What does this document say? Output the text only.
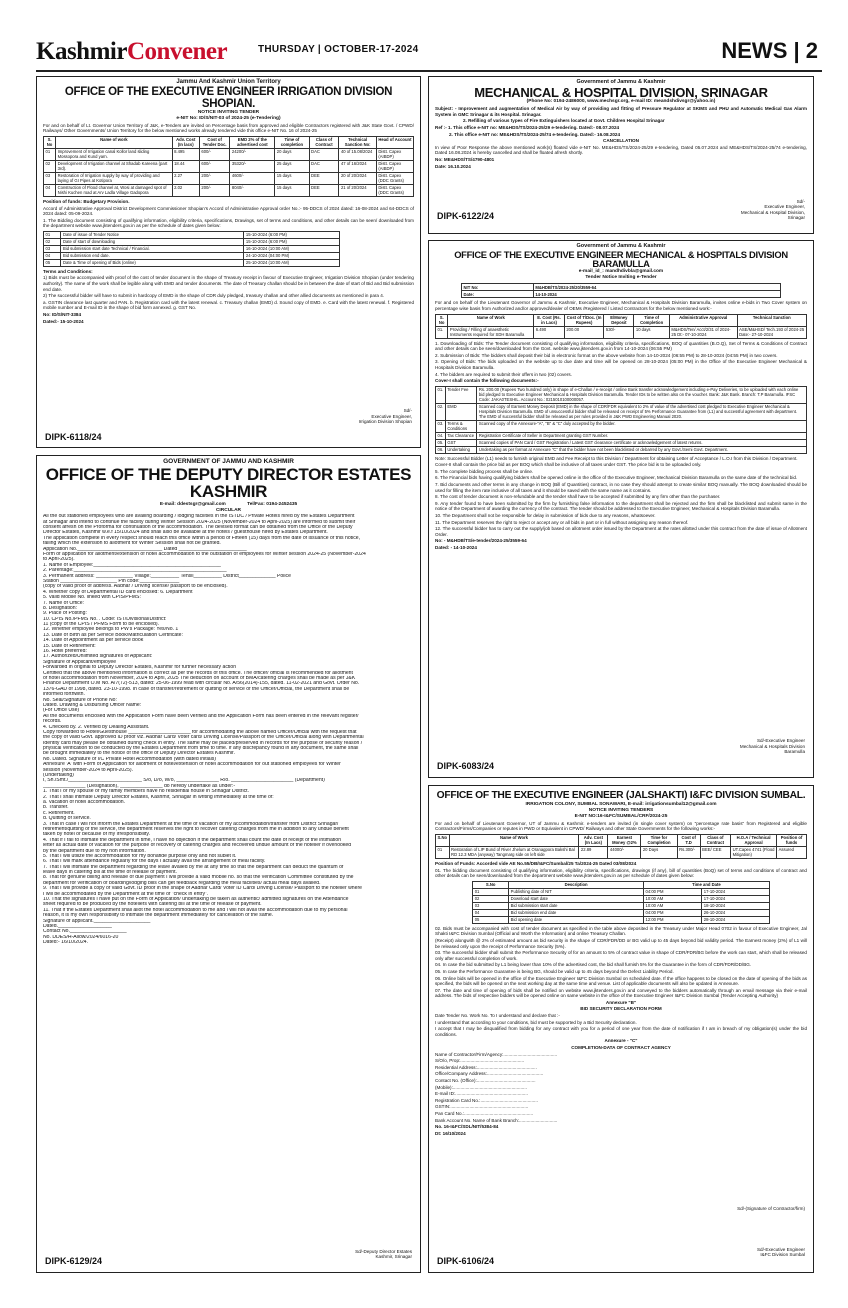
KashmirConvener	THURSDAY | OCTOBER-17-2024	NEWS | 2
Jammu And Kashmir Union Territory
OFFICE OF THE EXECUTIVE ENGINEER IRRIGATION DIVISION SHOPIAN.
NOTICE INVITING TENDER
e-NIT No: ID/S/NIT-03 of 2024-25 (e-Tendering)
For and on behalf of Lt. Governor Union Territory of J&K, e-Tenders are invited on Percentage basis from approved and eligible Contractors registered with J&K State Govt. / CPWD/ Railways/ Other Governments/ Union Territory for the below mentioned works already tendered vide this office e-NIT No. 16 of 2024-25
S. No	Name of work	Adv. Cost (In lacs)	Cost of Tender Doc.	EMD 2% of the advertised cost	Time of completion	Class of Contract	Technical Sanction No:	Head of Account
01	Improvement of Irrigation canal Kollor land sliding Mossopora and Kund yarn.	8.495	600/-	24200/-	20 days	DAC	40 of 15.08/2024	Distt. Capex (AIBDP)
02	Development of Irrigation channel at Shadab Kareena (part 3rd).	18.44	600/-	35320/-	25 days	DAC	47 of 16/2024	Distt. Capex (AIBDP)
03	Restoration of Irrigation supply by way of providing and laying of GI Pipes at Kotipora	2.27	200/-	4600/-	15 days	DEE	20 of 20/2024	Distt. Capex (DDC Grants)
04	Construction of Flood channel at, Wosi at damaged spot of Nishi Kuchen road at Arv Ladla Village Gadopora	2.02	200/-	8040/-	15 days	DEE	21 of 20/2024	Distt. Capex (DDC Grants)
Position of funds: Budgetary Provision.
Accord of Administrative Approval District Development Commissioner Shopian's Accord of Administrative Approval order No.:- 95-DDCS of 2024 dated: 16-08-2024 and 64-DDCS of 2024 dated: 05-09-2024.
1. The Bidding document consisting of qualifying information, eligibility criteria, specifications, Drawings, set of terms and conditions, and other details can be seen/ downloaded from the department website www.jktenders.gov.in as per the schedule of dates given below:
01	Date of issue of Tender Notice	15-10-2024 (6:00 PM)
02	Date of start of downloading	15-10-2024 (6:00 PM)
03	Bid submission start date Technical / Financial.	16-10-2024 (10:00 AM)
04	Bid submission end date.	24-10-2024 (04:00 PM)
05	Date & Time of opening of Bids (online)	25-10-2024 (10:00 AM)
Terms and Conditions:
1) Bids must be accompanied with proof of the cost of tender document in the shape of Treasury receipt in favour of Executive Engineer, Irrigation Division Shopian (under tendering authority). The name of the work shall be legible along with EMD and tender documents. The date of Treasury challan should be in between the date of start of Bid and Bid submission end date.
2) The successful bidder will have to submit in hardcopy of EMD in the shape of CDR duly pledged, treasury challan and other allied documents as mentioned in para 4.
a. GSTIN clearance last quarter and PAN. b. Registration card with the latest renewal. c. Treasury challan (EMD) d. Sound copy of EMD. e. Card with the latest renewal. f. Registered mobile number and E-mail ID in the shape of bid form annexed. g. GST No.
No: ID/S/NIT-3384
Dated:- 15-10-2024
Sd/-
Executive Engineer,
Irrigation Division Shopian
DIPK-6118/24
Government of Jammu & Kashmir
MECHANICAL & HOSPITAL DIVISION, SRINAGAR
(Phone No: 0194-2486000, www.mechsgr.org, e-mail ID: meandshdivsgr@yahoo.in)
Subject: - Improvement and augmentation of Medical Air by way of providing and fitting of Pressure Regulator at SKIMS and PHU and Automatic Medical Gas Alarm System in GMC Srinagar & its Hospital. Srinagar.
2. Refilling of various types of Fire Extinguishers located at Govt. Children Hospital Srinagar
Ref :- 1. This office e-NIT no: ME&HDS/TS/2024-25/29 e-tendering. Dated:- 08.07.2024
2. This office e-NIT no: ME&HDS/TS/2024-25/74 e-tendering. Dated:- 16.08.2024
CANCELLATION
In view of Poor Response the above mentioned work(s) floated vide e-NIT No. ME&HDS/TS/2024-25/29 e-tendering, Dated 05.07.2024 and ME&HDS/TS/2024-25/74 e-tendering, Dated 16.08.2024 is hereby cancelled and shall be floated afresh shortly.
No: ME&HDS/TS/4790-4801
Date: 16.10.2024
Sd/-
Executive Engineer,
Mechanical & Hospital Division,
Srinagar
DIPK-6122/24
Government of Jammu & Kashmir
OFFICE OF THE EXECUTIVE ENGINEER MECHANICAL & HOSPITALS DIVISION BARAMULLA
e-mail_id_: mandhdivbla@gmail.com
Tender Notice Inviting e-Tender
NIT No:	M&HDB/TS/2024-25/20/3559-64
Date:	14-10-2024
For and on behalf of the Lieutenant Governor of Jammu & Kashmir, Executive Engineer, Mechanical & Hospitals Division Baramulla, invites online e-bids in Two Cover system on percentage wise basis from Authorized and/or approved/dealer of OEMs /Registered / Listed Contractors for the below mentioned work:-
S. No	Name of Work	E. Cost (Rs. in Lacs)	Cost of T/Doc. (In Rupees)	E/Money Deposit	Time of Completion	Administrative Approval	Technical Sanction
01.	Providing / Filling of anaesthetic Instruments required for SDH Baramulla	6.490	200.00	530/-	10 days	M&HDS/Ten/ Acct/2/31 of 2024-25 Dt:- 07-10-2024	ASE/M&HSD/ Tech.193 of 2024-25 Date:- 27-10-2024
1. Downloading of Bids: The Tender document consisting of qualifying information, eligibility criteria, specifications, BOQ of quantities (B.O.Q), Set of Terms & Conditions of Contract and other details can be seen/downloaded from the Govt. website www.jktenders.gov.in from 14-10-2024 (06:55 PM)
2. Submission of Bids: The bidders shall deposit their bid in electronic format on the above website from 14-10-2024 (06:55 PM) to 28-10-2024 (04:55 PM) in two covers.
3. Opening of Bids: The bids uploaded on the website up to due date and time will be opened on 28-10-2024 (05:00 PM) in the Office of the Executive Engineer Mechanical & Hospitals Division Baramulla.
4. The bidders are required to submit their offers in two (02) covers.
Cover-I shall contain the following documents:-
01.	Tender Fee	Rs. 200.00 (Rupees Two hundred only) in shape of e-Challan / e-receipt / online Bank transfer acknowledgement including e-Pay Deliveries, to be uploaded with each online bid pledged to Executive Engineer Mechanical & Hospitals Division Baramulla. Tender IDs to be written also on the voucher. Bank: J&K Bank. Branch: T.P Baramulla. IFSC Code: JAKA0TESHIL. Account No.: 0215010100000057.
02.	EMD	Scanned copy of Earnest Money Deposit (EMD) in the shape of CDR/FDR equivalent to 2% of value of the advertised cost pledged to Executive Engineer Mechanical & Hospitals Division Baramulla. EMD of unsuccessful bidder shall be released on receipt of 5% Performance Guarantee from (L1) and successful agreement with department. The EMD of successful bidder shall be released as per rules provided in J&K PWD Engineering Manual 2020.
03.	Terms & Conditions	Scanned copy of the Annexure-"A", "B" & "C" duly accepted by the bidder.
04.	Tax Clearance	Registration Certificate of Seller in Department granting GST Number.
05.	GST	Scanned copies of PAN Card / GST Registration / Latest GST clearance certificate or acknowledgement of latest returns.
06.	Undertaking	Undertaking as per format at Annexure "C" that the bidder have not been blacklisted or debarred by any Govt./Semi Govt. Department.
Note: Successful Bidder (L1) needs to furnish original EMD and Fee Receipt to this Division / Department for obtaining Letter of Acceptance / L.O.I from this Division / Department.
Cover-II shall contain the price bid as per BOQ which shall be inclusive of all taxes under GST. The price bid is to be uploaded only.
5. The complete bidding process shall be online.
6. The Financial bids having qualifying bidders shall be opened online in the office of the Executive Engineer, Mechanical Division Baramulla on the same date of the technical bid.
7. Bid documents and other terms in any change in BOQ (Bill of Quantities) contract, in no case they should attempt to create similar BOQ manually. The BOQ downloaded should be used for filling the item rate inclusive of all taxes and it should be saved with the same name as it contains.
8. The cost of tender document is non-refundable and the tender shall have to be accepted if submitted by any firm other than the purchaser.
9. Any tender found to have been submitted by the firm by furnishing false information to the department shall be rejected and the firm shall be blacklisted and submit same in the notice of the Department of awarding the currency of the contract. The tender should be addressed to the Executive Engineer, Mechanical & Hospitals Division Baramulla.
10. The Department shall not be responsible for delay in submission of bids due to any reasons, whatsoever.
11. The Department reserves the right to reject or accept any or all bids in part or in full without assigning any reason thereof.
12. The successful bidder has to carry out the supply/job based on allotment order issued by the Department at the rates allotted under this contract from the date of issue of Allotment Order.
No: - M&HDB/TS/e-tender/2024-25/3559-64
Dated: - 14-10-2024
Sd/-Executive Engineer
Mechanical & Hospitals Division
Baramulla
DIPK-6083/24
GOVERNMENT OF JAMMU AND KASHMIR
OFFICE OF THE DEPUTY DIRECTOR ESTATES KASHMIR
E-mail: ddestsgr@gmail.com                Tel/Fax: 0194-2452435
CIRCULAR
All the out stationed employees who are availing boarding / lodging facilities in the ISTDC / Private Hotels hired by the Estates Department
at Srinagar and intend to continue the facility during Winter Session 2024-2025 (November-2024 to April-2025) are informed to submit their
consent afresh on the Proforma for continuation of the accommodation. The devised format can be obtained from the Office of the Deputy
Director Estates, Kashmir w.e.f 15/10/2024 and shall also be available at the hotels / guesthouse hired by Estates Department.
The application complete in every respect should reach this office within a period of Fifteen (15) days from the date of issuance of this notice,
failing which the extension to allotment for Winter Session shall not be granted.
Application No.______________________________ Dated ________________________
Form of application for allotment/extension of hotel accommodation to the outstation of employees for Winter session 2024-25 (November-2024
to April-2025).
1. Name of Employee:_____________________________________________
2. Parentage:______________________________________________________
3. Permanent address: _____________ Village:__________ Tehsil__________ District_____________ Police
Station ____________________ Pin code:______________
(copy of valid proof of address. Aadhar / Driving license/ passport to be enclosed).
4. Whether copy of Departmental ID card enclosed: 6. Department
5. Valid Mobile No. linked with CPIS/PFMS:
7. Name of Office:
8. Designation:
9. Place of Posting:
10. CPIS No./PFMS No. . Code: IST/Divisional/District:
11 (copy of the CPIS / PFMS Form to be enclosed).
12. Whether employee belongs to PW's Package: Yes/No. 1
13. Date of Birth as per Service Book/Matriculation Certificate:
14. Date of Appointment as per service book
15. Date of Retirement:
16. Hotel preferred:
17. Authorized/Unlimited signatures of Applicant:
Signature of Applicant/employee
Forwarded in original to Deputy Director Estates, Kashmir for further necessary action
Certified that the above mentioned information is correct as per the records of this office. The officer/ official is recommended for allotment
of hotel accommodation from November, 2024 to April, 2025 The deduction on account of BMA/catering charges shall be made as per J&K
Finance Department O.M No. A/7(72)-513, dated: 25-06-1999 read with circular No. A/56(2014)-155, dated. 11-02-2021 and Govt. Order No.
1376-GAD of 1998, dated. 23-10-1998. In case of transfer/retirement or quitting of service of the Officer/Official, the Department shall be
informed forthwith.
No. Seal/Signature of Phone No:
Dated. Drawing & Disbursing Officer Name:
(For Office Use)
All the documents enclosed with the Application Form have been verified and the Application Form has been entered in the relevant register/
records.
4. Checked by. 2. Verified by Dealing Assistant.
Copy forwarded to Hotel/Guesthouse ______________________ for accommodating the above named Officer/Official with the request that
the copy of valid Govt. approved ID proof viz. Aadhar Card/ Voter card/ Driving License/Passport of the Officer/Official along with Departmental
Identity card may please be obtained during check in entry. The same may be placed/preserved in records for the purpose of security reason /
physical verification to be conducted by the Estates Department from time to time. If any discrepancy found in any document, the same shall
be brought immediately to the notice of the office of Deputy Director Estates Kashmir.
No. Dated. Signature of I/C Private Hotel Accommodation (with dated initials)
Annexure 'A' with Form of Application for allotment of hotel/extension of hotel accommodation for out stationed employees for Winter
session (November-2024 to April-2025).
(Undertaking)
I, Sh./Smt./__________________________ S/o, D/o, W/o, _______________ R/o. ______________________ (Department)
_______________ (Designation), _______________ do hereby undertake as under:-
1. That I or my spouse or my family members have no residential house in Srinagar District.
2. That I shall intimate Deputy Director Estates, Kashmir, Srinagar in writing immediately at the time of:
a. Vacation of hotel accommodation.
b. Transfer.
c. Retirement.
d. Quitting of service.
3. That in case I will not inform the Estates Department at the time of vacation of my accommodation/transfer from District Srinagar/
retirement/quitting of the service, the department reserves the right to recover catering charges from me in addition to any undue benefit
taken by hotel or because of my irresponsibility.
4. That if I fail to intimate the department in time, I have no objection if the department shall count the date of receipt of the intimation
letter as actual date of vacation for the purpose of recovery of catering charges and recovered undue amount of the hotelier if overlooked
by the department due to my non information.
5. That I will utilize the accommodation for my bonafide purpose only and not sublet it.
6. That I will mark attendance regularly for the days I actually avail the arrangement of meal facility.
7. That I will intimate the department regarding the leave availed by me at any time so that the department can deduct the quantum of
leave days in catering bill at the time of release of payment.
8. That for genuine billing and release of due payment I will provide a valid mobile no. so that the verification Committee constituted by the
department for verification of boarding/lodging bills can get feedback regarding the meal facilities/ actual meal days availed.
9. That I will provide a copy of valid Govt. ID proof in the shape of Aadhar Card/ Voter ID Card/ Driving License/ Passport to the hotelier where
I will be accommodated by the Department at the time of "check in entry".
10. That the signatures I have put on the Form of Application/ undertaking be taken as authentic/ admitted signatures on the Attendance
sheet required to be produced by the hoteliers with catering bill at the time of release of payment.
11. That if the Estates Department shall allot the hotel accommodation to me and I will not avail the accommodation due to my personal
reason, it is my own responsibility to intimate the department immediately for cancellation of the same.
Signature of applicant.____________________
Dated.___________________
Contact No.____________________
No. DDES/H-Allow/2024/6016-20
Dated:- 16/10/2024.
Sd/-Deputy Director Estates
Kashmir, Srinagar
DIPK-6129/24
OFFICE OF THE EXECUTIVE ENGINEER (JALSHAKTI) I&FC DIVISION SUMBAL.
IRRIGATION COLONY, SUMBAL SONAWARI, E-mail: irrigationsumbal12@gmail.com
NOTICE INVITING TENDERS
E-NIT NO:16-I&FC/SUMBAL/CRF/2024-25
For and on behalf of Lieutenant Governor, UT of Jammu & Kashmir. e-tenders are invited (in single cover system) on "percentage rate basis" from Registered and eligible Contractors/Firms/Companies or reputes in PWD or Equivalent in CPWD/ Railways and other State Governments for the following works:-
S.No	Name of Work	Adv. Cost (In Lacs)	Earnest Money @2%	Time for Completion	Cost of T.D	Class of Contract	H.O.A / Technical Approval	Position of funds
01	Restoration of LIP Bund of River Jhelum at Oranagpora Bakshi Bal RD 12.3 MDA (anyway) Tangmarg side on left side	22.89	44000/-	20 Days	Rs.300/-	BEE/ CEE	UT.Capex 4741 (Flood Mitigation)	Assured
Position of Funds: Accorded vide AE No.55/DB/I&FC/Sumbal/25 Ta/2024-25 Dated 03/08/2024
01. The bidding document consisting of qualifying information, eligibility criteria, specifications, drawings (if any), bill of quantities (BoQ) set of terms and conditions of contract and other details can be seen/downloaded from the department website www.jktenders.gov.in as per schedule of dates given below:
S.No	Description	Time and Date	
01	Publishing date of NIT	04:00 PM	17-10-2024
02	Download start date	10:00 AM	17-10-2024
03	Bid submission start date	10:00 AM	18-10-2024
04	Bid submission end date	04:00 PM	26-10-2024
05	Bid opening date	12:00 PM	28-10-2024
02. Bids must be accompanied with cost of tender document as specified in the table above deposited in the Treasury under Major Head 0702 in favour of Executive Engineer, Jal Shakti I&FC Division Sumbal (Official and Worth the Information) and online Treasury Challan.
(Receipt) alongwith @ 2% of estimated amount as bid security in the shape of CDR/FDR/DD or BG valid up to 45 days beyond bid validity period. The Earnest money (2%) of L1 will be released only upon the receipt of Performance Security (5%).
03. The successful bidder shall submit the Performance Security of for an amount to 5% of contract value in shape of CDR/FDR/BG before the work can start, which shall be released only after successful completion of work.
04. In case the bid submitted by L1 being lower than 10% of the advertised cost, the bid shall furnish 5% for the Guarantee in the form of CDR/FDR/DD/BG.
05. In case the Performance Guarantee is being BG, should be valid up to 45 days beyond the Defect Liability Period.
06. Online bids will be opened in the office of the Executive Engineer I&FC Division Sumbal on scheduled date. If the office happens to be closed on the date of opening of the bids as specified, the bids will be opened on the next working day at the same time and venue. List of applicable documents will also be updated in Annexure.
07. The date and time of opening of bids shall be notified on website www.jktenders.gov.in and conveyed to the bidders automatically through an email message via their e-mail address. The bids of respective bidders will be opened online on same website in the office of the Executive Engineer I&FC Division Sumbal (Tender Accepting Authority)
Annexure "B"
BID SECURITY DECLARATION FORM
Date Tender No. Work No. To I understand and declare that :-
I understand that according to your conditions, bid must be supported by a Bid Security declaration.
I accept that I may be disqualified from bidding for any contract with you for a period of one year from the date of notification if I am in breach of my obligation(s) under the bid conditions.
Annexure - "C"
COMPLETION-DATA OF CONTRACT AGENCY
Name of Contractor/Firm/Agency:..........................................
S/O/o, Prop:..................................................
Residential Address:...............................................
Office/Company Address:............................................
Contact No. (Office):..............................................
(Mobile):..........................................................
E-mail ID:.........................................................
Registration Card No.:.............................................
GSTIN:.............................................................
Pan Card No.:......................................................
Bank Account No. Name of Bank Branch:..............................
No. 16-I&FC/SDL/NIT/5384-84
Dt: 16/10/2024
Sd/-(Signature of Contractor/firm)
Sd/-Executive Engineer
I&FC Division Sumbal
DIPK-6106/24
